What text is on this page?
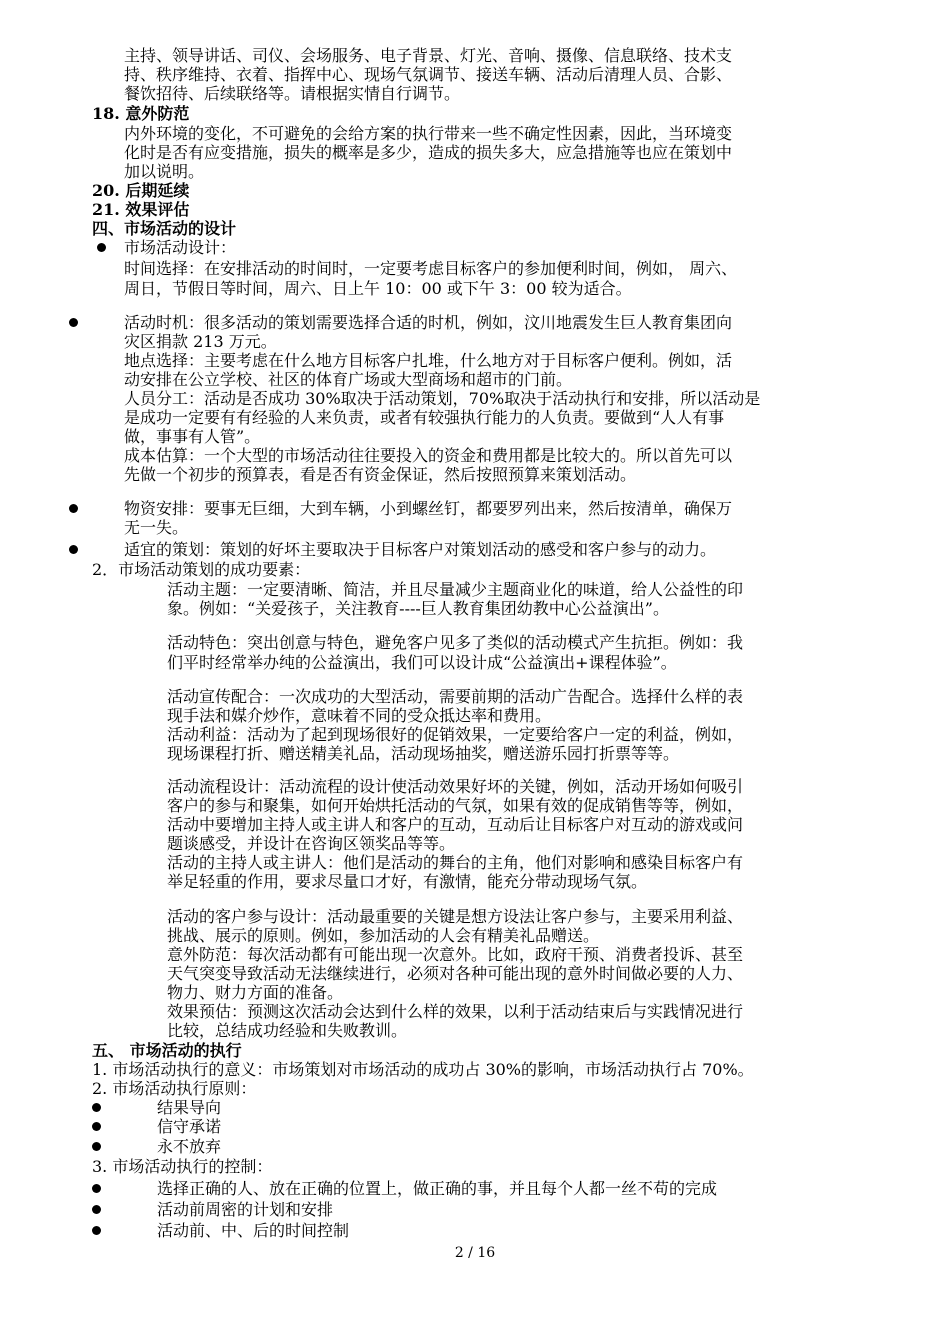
主持、领导讲话、司仪、会场服务、电子背景、灯光、音响、摄像、信息联络、技术支
持、秩序维持、衣着、指挥中心、现场气氛调节、接送车辆、活动后清理人员、合影、
餐饮招待、后续联络等。请根据实情自行调节。
18. 意外防范
内外环境的变化，不可避免的会给方案的执行带来一些不确定性因素，因此，当环境变
化时是否有应变措施，损失的概率是多少，造成的损失多大，应急措施等也应在策划中
加以说明。
20. 后期延续
21. 效果评估
四、市场活动的设计
市场活动设计：
时间选择：在安排活动的时间时，一定要考虑目标客户的参加便利时间，例如， 周六、
周日，节假日等时间，周六、日上午 10：00 或下午 3：00 较为适合。
活动时机：很多活动的策划需要选择合适的时机，例如，汶川地震发生巨人教育集团向
灾区捐款 213 万元。
地点选择：主要考虑在什么地方目标客户扎堆，什么地方对于目标客户便利。例如，活
动安排在公立学校、社区的体育广场或大型商场和超市的门前。
人员分工：活动是否成功 30%取决于活动策划，70%取决于活动执行和安排，所以活动是
是成功一定要有有经验的人来负责，或者有较强执行能力的人负责。要做到“人人有事
做，事事有人管”。
成本估算：一个大型的市场活动往往要投入的资金和费用都是比较大的。所以首先可以
先做一个初步的预算表，看是否有资金保证，然后按照预算来策划活动。
物资安排：要事无巨细，大到车辆，小到螺丝钉，都要罗列出来，然后按清单，确保万
无一失。
适宜的策划：策划的好坏主要取决于目标客户对策划活动的感受和客户参与的动力。
2．市场活动策划的成功要素：
活动主题：一定要清晰、简洁，并且尽量减少主题商业化的味道，给人公益性的印
象。例如：“关爱孩子，关注教育----巨人教育集团幼教中心公益演出”。
活动特色：突出创意与特色，避免客户见多了类似的活动模式产生抗拒。例如：我
们平时经常举办纯的公益演出，我们可以设计成“公益演出+课程体验”。
活动宣传配合：一次成功的大型活动，需要前期的活动广告配合。选择什么样的表
现手法和媒介炒作，意味着不同的受众抵达率和费用。
活动利益：活动为了起到现场很好的促销效果，一定要给客户一定的利益，例如，
现场课程打折、赠送精美礼品，活动现场抽奖，赠送游乐园打折票等等。
活动流程设计：活动流程的设计使活动效果好坏的关键，例如，活动开场如何吸引
客户的参与和聚集，如何开始烘托活动的气氛，如果有效的促成销售等等，例如，
活动中要增加主持人或主讲人和客户的互动，互动后让目标客户对互动的游戏或问
题谈感受，并设计在咨询区领奖品等等。
活动的主持人或主讲人：他们是活动的舞台的主角，他们对影响和感染目标客户有
举足轻重的作用，要求尽量口才好，有激情，能充分带动现场气氛。
活动的客户参与设计：活动最重要的关键是想方设法让客户参与，主要采用利益、
挑战、展示的原则。例如，参加活动的人会有精美礼品赠送。
意外防范：每次活动都有可能出现一次意外。比如，政府干预、消费者投诉、甚至
天气突变导致活动无法继续进行，必须对各种可能出现的意外时间做必要的人力、
物力、财力方面的准备。
效果预估：预测这次活动会达到什么样的效果，以利于活动结束后与实践情况进行
比较，总结成功经验和失败教训。
五、 市场活动的执行
1. 市场活动执行的意义：市场策划对市场活动的成功占 30%的影响，市场活动执行占 70%。
2. 市场活动执行原则：
结果导向
信守承诺
永不放弃
3. 市场活动执行的控制：
选择正确的人、放在正确的位置上，做正确的事，并且每个人都一丝不苟的完成
活动前周密的计划和安排
活动前、中、后的时间控制
2 / 16
